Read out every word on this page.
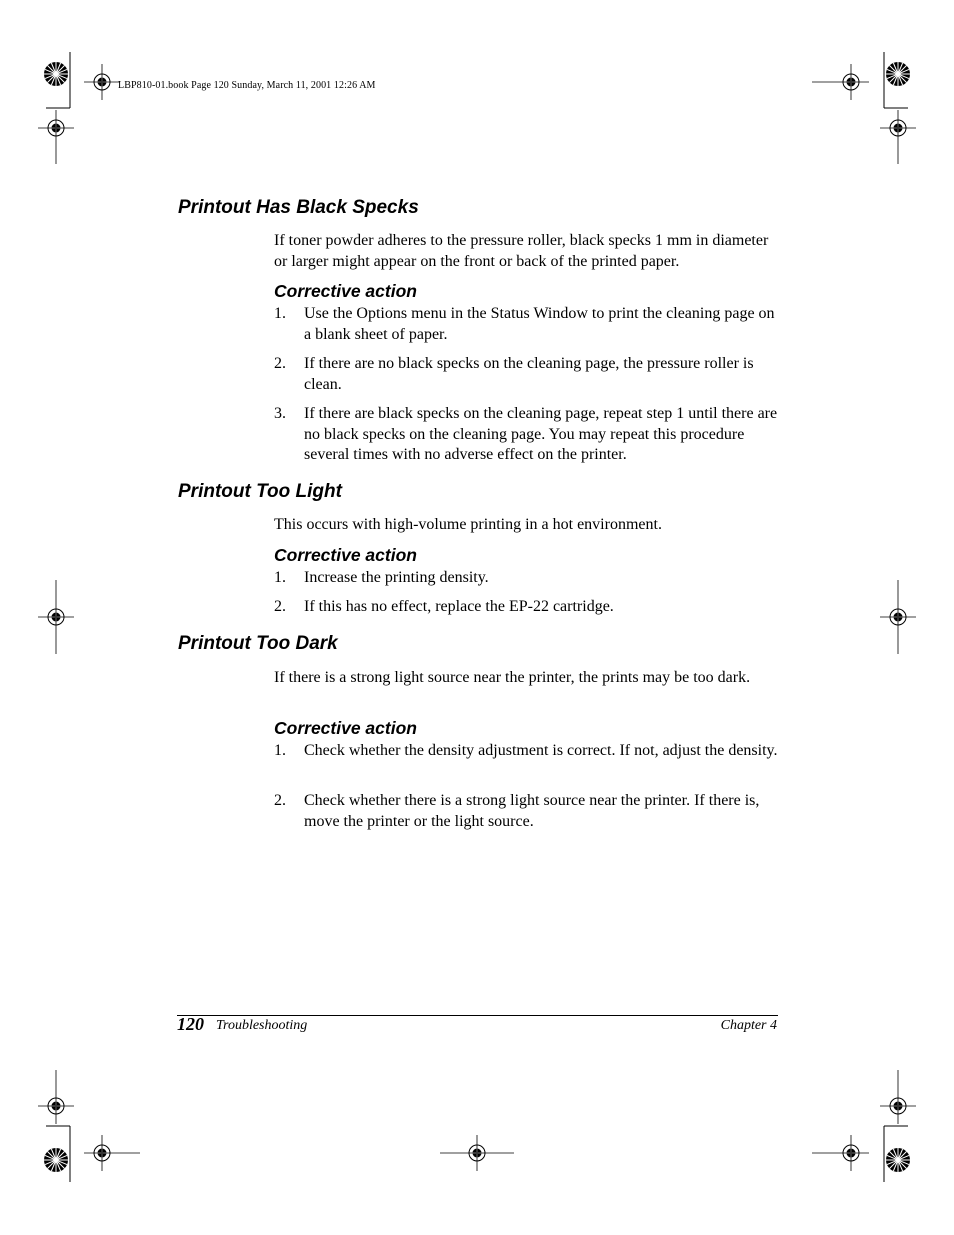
LBP810-01.book Page 120 Sunday, March 11, 2001 12:26 AM
Printout Has Black Specks
If toner powder adheres to the pressure roller, black specks 1 mm in diameter or larger might appear on the front or back of the printed paper.
Corrective action
1.	Use the Options menu in the Status Window to print the cleaning page on a blank sheet of paper.
2.	If there are no black specks on the cleaning page, the pressure roller is clean.
3.	If there are black specks on the cleaning page, repeat step 1 until there are no black specks on the cleaning page. You may repeat this procedure several times with no adverse effect on the printer.
Printout Too Light
This occurs with high-volume printing in a hot environment.
Corrective action
1.	Increase the printing density.
2.	If this has no effect, replace the EP-22 cartridge.
Printout Too Dark
If there is a strong light source near the printer, the prints may be too dark.
Corrective action
1.	Check whether the density adjustment is correct. If not, adjust the density.
2.	Check whether there is a strong light source near the printer. If there is, move the printer or the light source.
120 Troubleshooting	Chapter 4
